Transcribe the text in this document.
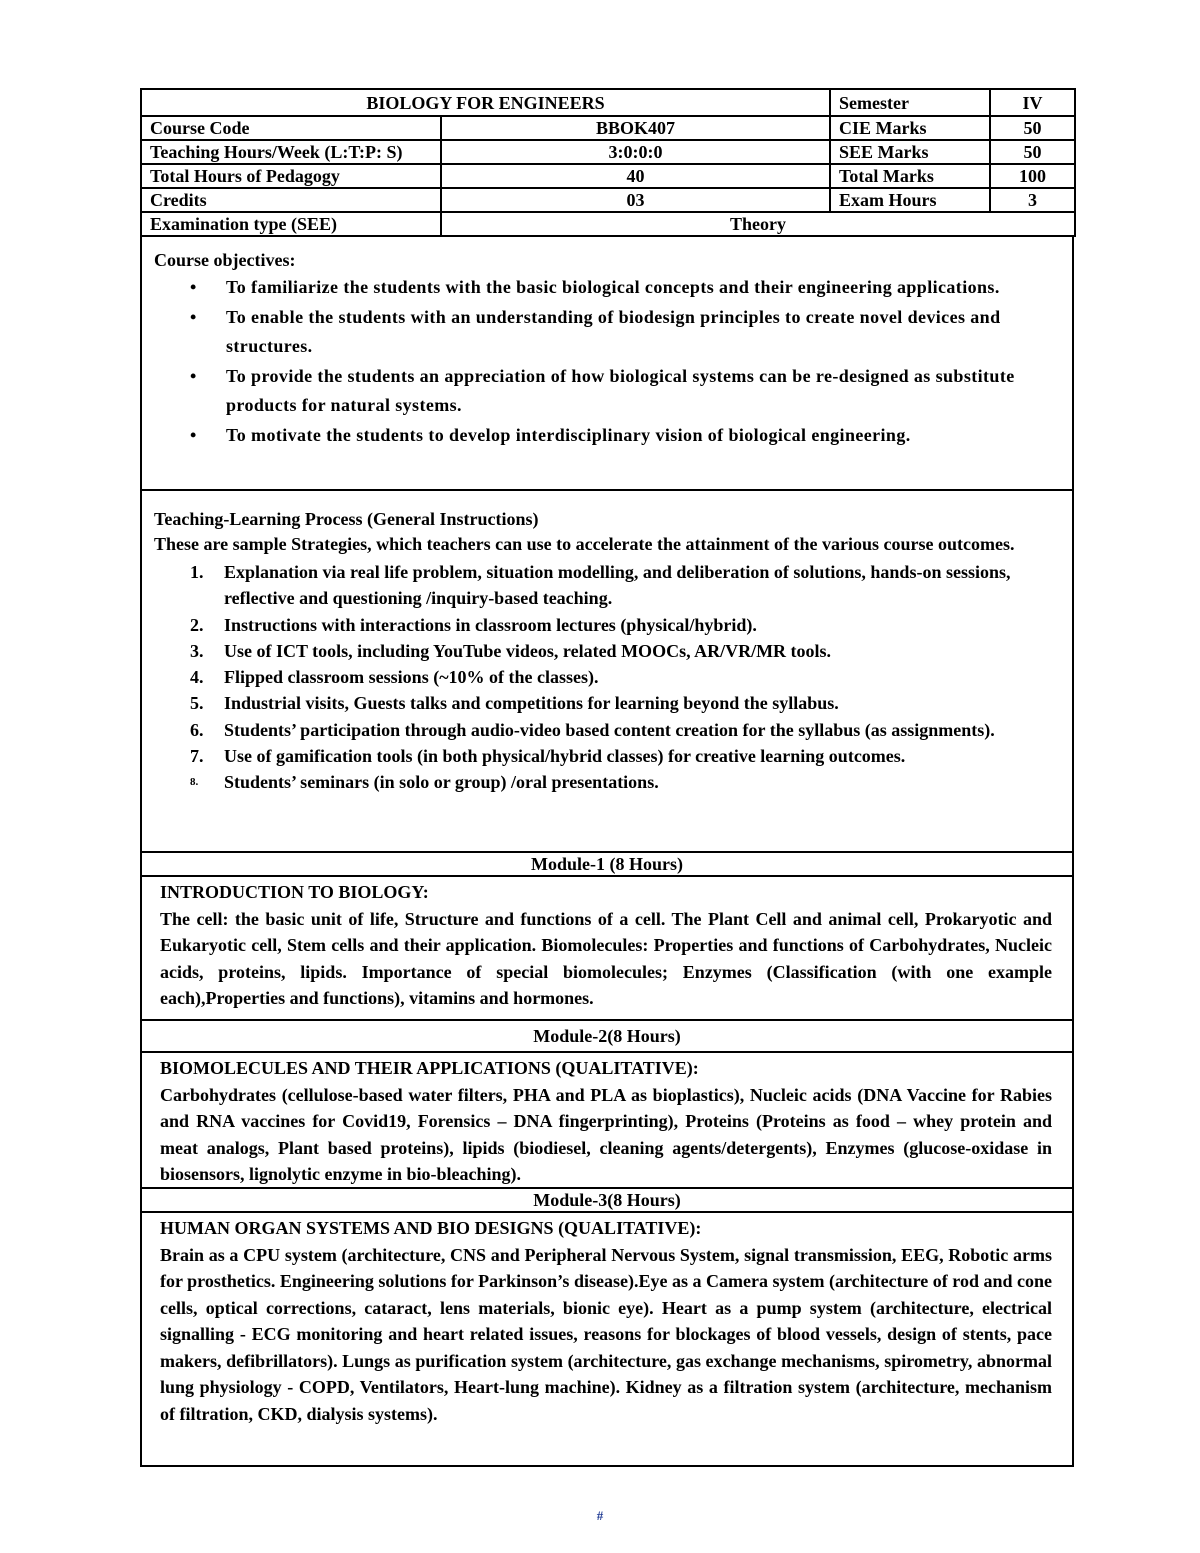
BIOLOGY FOR ENGINEERS		Semester	IV
Course Code	BBOK407	CIE Marks	50
Teaching Hours/Week (L:T:P: S)	3:0:0:0	SEE Marks	50
Total Hours of Pedagogy	40	Total Marks	100
Credits	03	Exam Hours	3
Examination type (SEE)	Theory		
Course objectives:
• To familiarize the students with the basic biological concepts and their engineering applications.
• To enable the students with an understanding of biodesign principles to create novel devices and structures.
• To provide the students an appreciation of how biological systems can be re-designed as substitute products for natural systems.
• To motivate the students to develop interdisciplinary vision of biological engineering.
Teaching-Learning Process (General Instructions)
These are sample Strategies, which teachers can use to accelerate the attainment of the various course outcomes.
1.	Explanation via real life problem, situation modelling, and deliberation of solutions, hands-on sessions, reflective and questioning /inquiry-based teaching.
2.	Instructions with interactions in classroom lectures (physical/hybrid).
3.	Use of ICT tools, including YouTube videos, related MOOCs, AR/VR/MR tools.
4.	Flipped classroom sessions (~10% of the classes).
5.	Industrial visits, Guests talks and competitions for learning beyond the syllabus.
6.	Students’ participation through audio-video based content creation for the syllabus (as assignments).
7.	Use of gamification tools (in both physical/hybrid classes) for creative learning outcomes.
8.	Students’ seminars (in solo or group) /oral presentations.
Module-1 (8 Hours)
INTRODUCTION TO BIOLOGY:
The cell: the basic unit of life, Structure and functions of a cell. The Plant Cell and animal cell, Prokaryotic and Eukaryotic cell, Stem cells and their application. Biomolecules: Properties and functions of Carbohydrates, Nucleic acids, proteins, lipids. Importance of special biomolecules; Enzymes (Classification (with one example each),Properties and functions), vitamins and hormones.
Module-2(8 Hours)
BIOMOLECULES AND THEIR APPLICATIONS (QUALITATIVE):
Carbohydrates (cellulose-based water filters, PHA and PLA as bioplastics), Nucleic acids (DNA Vaccine for Rabies and RNA vaccines for Covid19, Forensics – DNA fingerprinting), Proteins (Proteins as food – whey protein and meat analogs, Plant based proteins), lipids (biodiesel, cleaning agents/detergents), Enzymes (glucose-oxidase in biosensors, lignolytic enzyme in bio-bleaching).
Module-3(8 Hours)
HUMAN ORGAN SYSTEMS AND BIO DESIGNS (QUALITATIVE):
Brain as a CPU system (architecture, CNS and Peripheral Nervous System, signal transmission, EEG, Robotic arms for prosthetics. Engineering solutions for Parkinson’s disease).Eye as a Camera system (architecture of rod and cone cells, optical corrections, cataract, lens materials, bionic eye). Heart as a pump system (architecture, electrical signalling - ECG monitoring and heart related issues, reasons for blockages of blood vessels, design of stents, pace makers, defibrillators). Lungs as purification system (architecture, gas exchange mechanisms, spirometry, abnormal lung physiology - COPD, Ventilators, Heart-lung machine). Kidney as a filtration system (architecture, mechanism of filtration, CKD, dialysis systems).
#
